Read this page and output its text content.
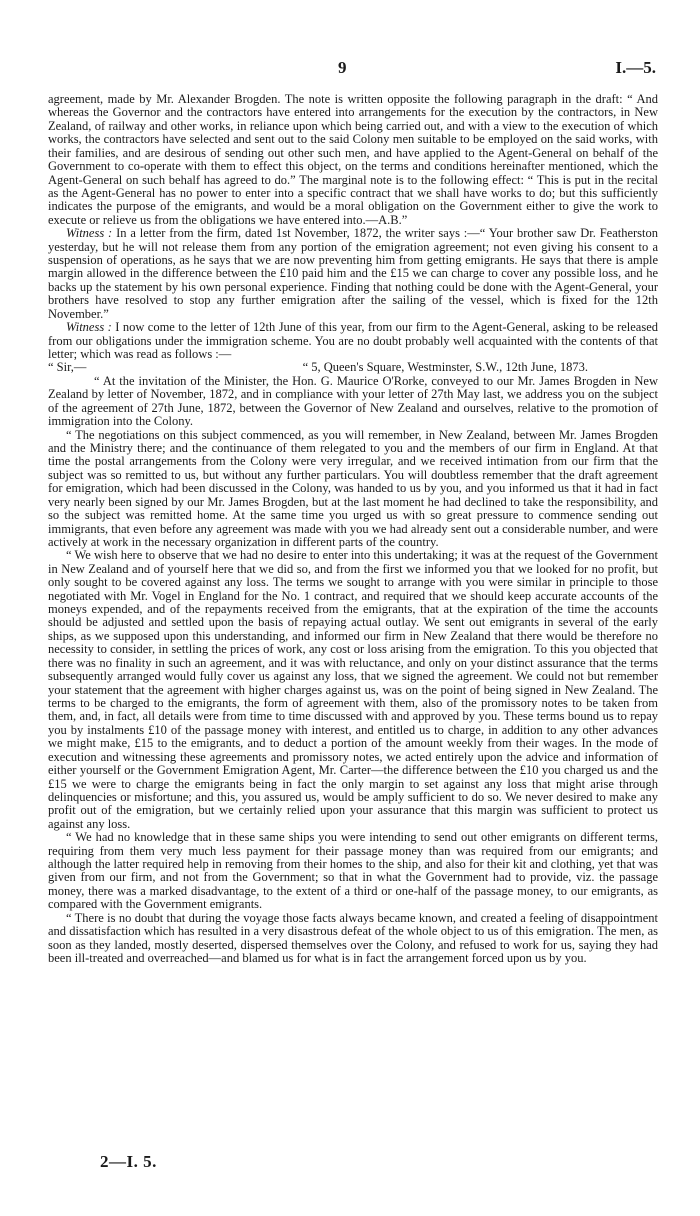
9	I.—5.

agreement, made by Mr. Alexander Brogden. The note is written opposite the following paragraph in the draft: “ And whereas the Governor and the contractors have entered into arrangements for the execution by the contractors, in New Zealand, of railway and other works, in reliance upon which being carried out, and with a view to the execution of which works, the contractors have selected and sent out to the said Colony men suitable to be employed on the said works, with their families, and are desirous of sending out other such men, and have applied to the Agent-General on behalf of the Government to co-operate with them to effect this object, on the terms and conditions hereinafter mentioned, which the Agent-General on such behalf has agreed to do.” The marginal note is to the following effect: “ This is put in the recital as the Agent-General has no power to enter into a specific contract that we shall have works to do; but this sufficiently indicates the purpose of the emigrants, and would be a moral obligation on the Government either to give the work to execute or relieve us from the obligations we have entered into.—A.B.”

Witness : In a letter from the firm, dated 1st November, 1872, the writer says :—“ Your brother saw Dr. Featherston yesterday, but he will not release them from any portion of the emigration agreement; not even giving his consent to a suspension of operations, as he says that we are now preventing him from getting emigrants. He says that there is ample margin allowed in the difference between the £10 paid him and the £15 we can charge to cover any possible loss, and he backs up the statement by his own personal experience. Finding that nothing could be done with the Agent-General, your brothers have resolved to stop any further emigration after the sailing of the vessel, which is fixed for the 12th November.”

Witness : I now come to the letter of 12th June of this year, from our firm to the Agent-General, asking to be released from our obligations under the immigration scheme. You are no doubt probably well acquainted with the contents of that letter; which was read as follows :—

“ Sir,—	“ 5, Queen's Square, Westminster, S.W., 12th June, 1873.

“ At the invitation of the Minister, the Hon. G. Maurice O'Rorke, conveyed to our Mr. James Brogden in New Zealand by letter of November, 1872, and in compliance with your letter of 27th May last, we address you on the subject of the agreement of 27th June, 1872, between the Governor of New Zealand and ourselves, relative to the promotion of immigration into the Colony.

“ The negotiations on this subject commenced, as you will remember, in New Zealand, between Mr. James Brogden and the Ministry there; and the continuance of them relegated to you and the members of our firm in England. At that time the postal arrangements from the Colony were very irregular, and we received intimation from our firm that the subject was so remitted to us, but without any further particulars. You will doubtless remember that the draft agreement for emigration, which had been discussed in the Colony, was handed to us by you, and you informed us that it had in fact very nearly been signed by our Mr. James Brogden, but at the last moment he had declined to take the responsibility, and so the subject was remitted home. At the same time you urged us with so great pressure to commence sending out immigrants, that even before any agreement was made with you we had already sent out a considerable number, and were actively at work in the necessary organization in different parts of the country.

“ We wish here to observe that we had no desire to enter into this undertaking; it was at the request of the Government in New Zealand and of yourself here that we did so, and from the first we informed you that we looked for no profit, but only sought to be covered against any loss. The terms we sought to arrange with you were similar in principle to those negotiated with Mr. Vogel in England for the No. 1 contract, and required that we should keep accurate accounts of the moneys expended, and of the repayments received from the emigrants, that at the expiration of the time the accounts should be adjusted and settled upon the basis of repaying actual outlay. We sent out emigrants in several of the early ships, as we supposed upon this understanding, and informed our firm in New Zealand that there would be therefore no necessity to consider, in settling the prices of work, any cost or loss arising from the emigration. To this you objected that there was no finality in such an agreement, and it was with reluctance, and only on your distinct assurance that the terms subsequently arranged would fully cover us against any loss, that we signed the agreement. We could not but remember your statement that the agreement with higher charges against us, was on the point of being signed in New Zealand. The terms to be charged to the emigrants, the form of agreement with them, also of the promissory notes to be taken from them, and, in fact, all details were from time to time discussed with and approved by you. These terms bound us to repay you by instalments £10 of the passage money with interest, and entitled us to charge, in addition to any other advances we might make, £15 to the emigrants, and to deduct a portion of the amount weekly from their wages. In the mode of execution and witnessing these agreements and promissory notes, we acted entirely upon the advice and information of either yourself or the Government Emigration Agent, Mr. Carter—the difference between the £10 you charged us and the £15 we were to charge the emigrants being in fact the only margin to set against any loss that might arise through delinquencies or misfortune; and this, you assured us, would be amply sufficient to do so. We never desired to make any profit out of the emigration, but we certainly relied upon your assurance that this margin was sufficient to protect us against any loss.

“ We had no knowledge that in these same ships you were intending to send out other emigrants on different terms, requiring from them very much less payment for their passage money than was required from our emigrants; and although the latter required help in removing from their homes to the ship, and also for their kit and clothing, yet that was given from our firm, and not from the Government; so that in what the Government had to provide, viz. the passage money, there was a marked disadvantage, to the extent of a third or one-half of the passage money, to our emigrants, as compared with the Government emigrants.

“ There is no doubt that during the voyage those facts always became known, and created a feeling of disappointment and dissatisfaction which has resulted in a very disastrous defeat of the whole object to us of this emigration. The men, as soon as they landed, mostly deserted, dispersed themselves over the Colony, and refused to work for us, saying they had been ill-treated and overreached—and blamed us for what is in fact the arrangement forced upon us by you.

2—I. 5.
